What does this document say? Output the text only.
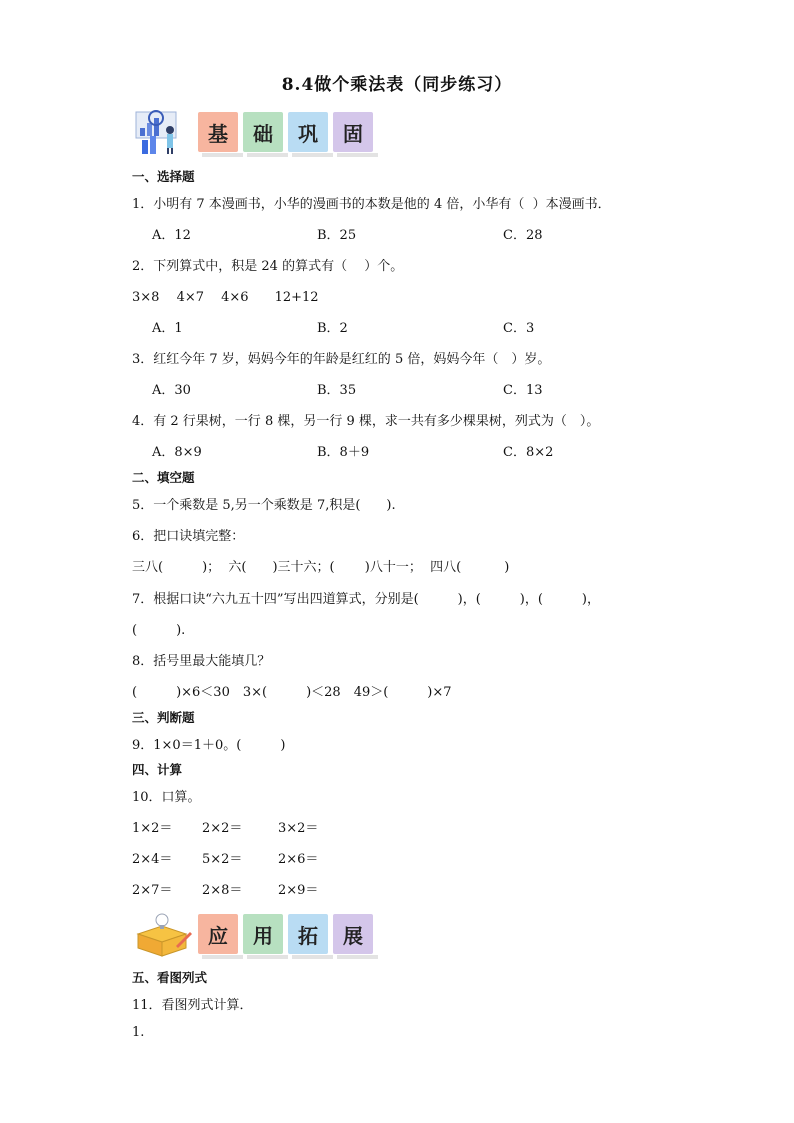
8.4做个乘法表（同步练习）
基	础	巩	固
一、选择题
1．小明有 7 本漫画书，小华的漫画书的本数是他的 4 倍，小华有（  ）本漫画书．
A．12	B．25	C．28
2．下列算式中，积是 24 的算式有（　 ）个。
3×8　 4×7　 4×6　　12+12
A．1	B．2	C．3
3．红红今年 7 岁，妈妈今年的年龄是红红的 5 倍，妈妈今年（　）岁。
A．30	B．35	C．13
4．有 2 行果树，一行 8 棵，另一行 9 棵，求一共有多少棵果树，列式为（　）。
A．8×9	B．8＋9	C．8×2
二、填空题
5．一个乘数是 5,另一个乘数是 7,积是(　　).
6．把口诀填完整：
三八(　　　)；  六(　　)三十六；(　　 )八十一；  四八(　　　 )
7．根据口诀“六九五十四”写出四道算式，分别是(　　　)，(　　　)，(　　　)，
(　　　).
8．括号里最大能填几？
(　　　)×6＜30　3×(　　　)＜28　49＞(　　　)×7
三、判断题
9．1×0＝1＋0。(　　　)
四、计算
10．口算。
1×2＝ 2×2＝	3×2＝
2×4＝ 5×2＝	2×6＝
2×7＝ 2×8＝	2×9＝
应	用	拓	展
五、看图列式
11．看图列式计算．
1.
